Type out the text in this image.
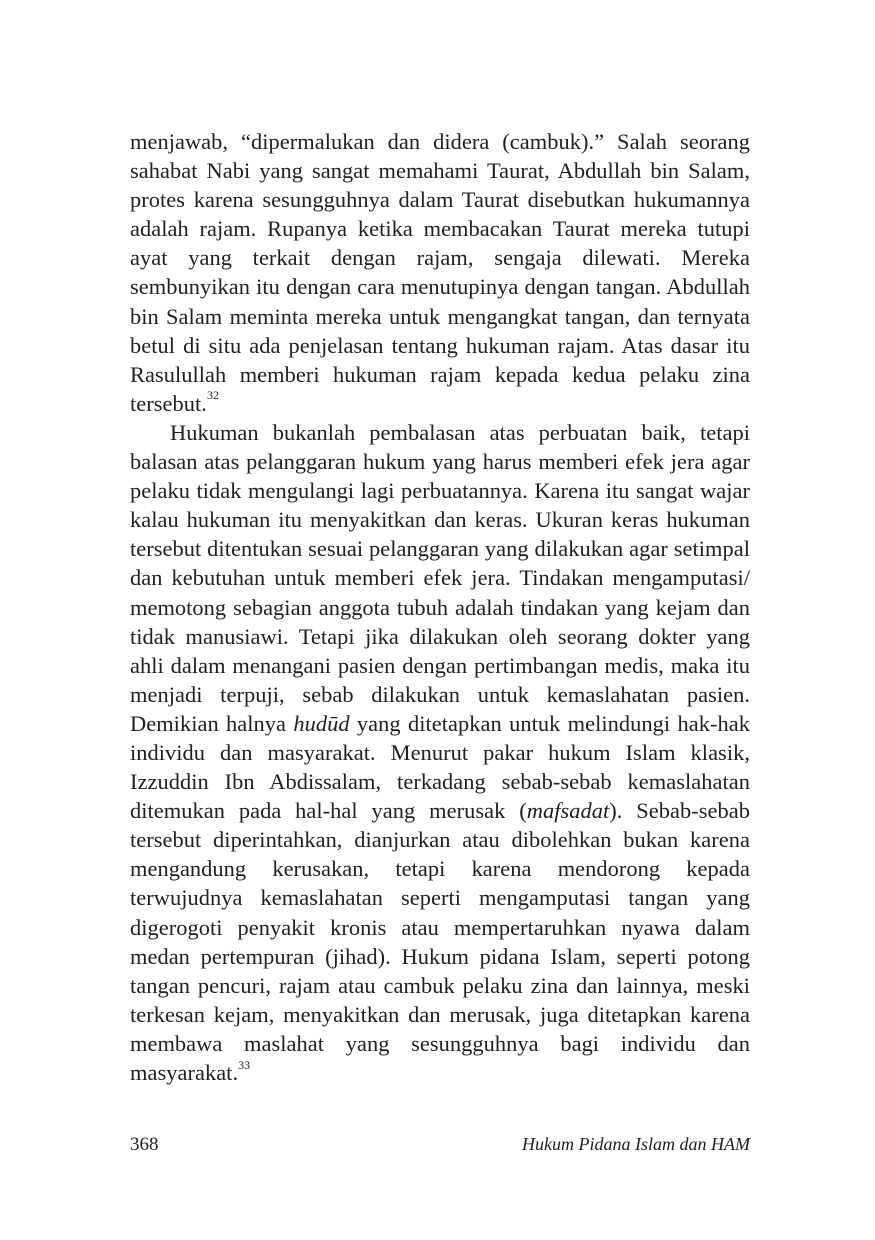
menjawab, “dipermalukan dan didera (cambuk).” Salah seorang sahabat Nabi yang sangat memahami Taurat, Abdullah bin Salam, protes karena sesungguhnya dalam Taurat disebutkan hukumannya adalah rajam. Rupanya ketika membacakan Taurat mereka tutupi ayat yang terkait dengan rajam, sengaja dilewati. Mereka sembunyikan itu dengan cara menutupinya dengan tangan. Abdullah bin Salam meminta mereka untuk mengangkat tangan, dan ternyata betul di situ ada penjelasan tentang hukuman rajam. Atas dasar itu Rasulullah memberi hukuman rajam kepada kedua pelaku zina tersebut.$^{32}$

Hukuman bukanlah pembalasan atas perbuatan baik, tetapi balasan atas pelanggaran hukum yang harus memberi efek jera agar pelaku tidak mengulangi lagi perbuatannya. Karena itu sangat wajar kalau hukuman itu menyakitkan dan keras. Ukuran keras hukuman tersebut ditentukan sesuai pelanggaran yang dilakukan agar setimpal dan kebutuhan untuk memberi efek jera. Tindakan mengamputasi/ memotong sebagian anggota tubuh adalah tindakan yang kejam dan tidak manusiawi. Tetapi jika dilakukan oleh seorang dokter yang ahli dalam menangani pasien dengan pertimbangan medis, maka itu menjadi terpuji, sebab dilakukan untuk kemaslahatan pasien. Demikian halnya hudūd yang ditetapkan untuk melindungi hak-hak individu dan masyarakat. Menurut pakar hukum Islam klasik, Izzuddin Ibn Abdissalam, terkadang sebab-sebab kemaslahatan ditemukan pada hal-hal yang merusak (mafsadat). Sebab-sebab tersebut diperintahkan, dianjurkan atau dibolehkan bukan karena mengandung kerusakan, tetapi karena mendorong kepada terwujudnya kemaslahatan seperti mengamputasi tangan yang digerogoti penyakit kronis atau mempertaruhkan nyawa dalam medan pertempuran (jihad). Hukum pidana Islam, seperti potong tangan pencuri, rajam atau cambuk pelaku zina dan lainnya, meski terkesan kejam, menyakitkan dan merusak, juga ditetapkan karena membawa maslahat yang sesungguhnya bagi individu dan masyarakat.$^{33}$

368	Hukum Pidana Islam dan HAM
